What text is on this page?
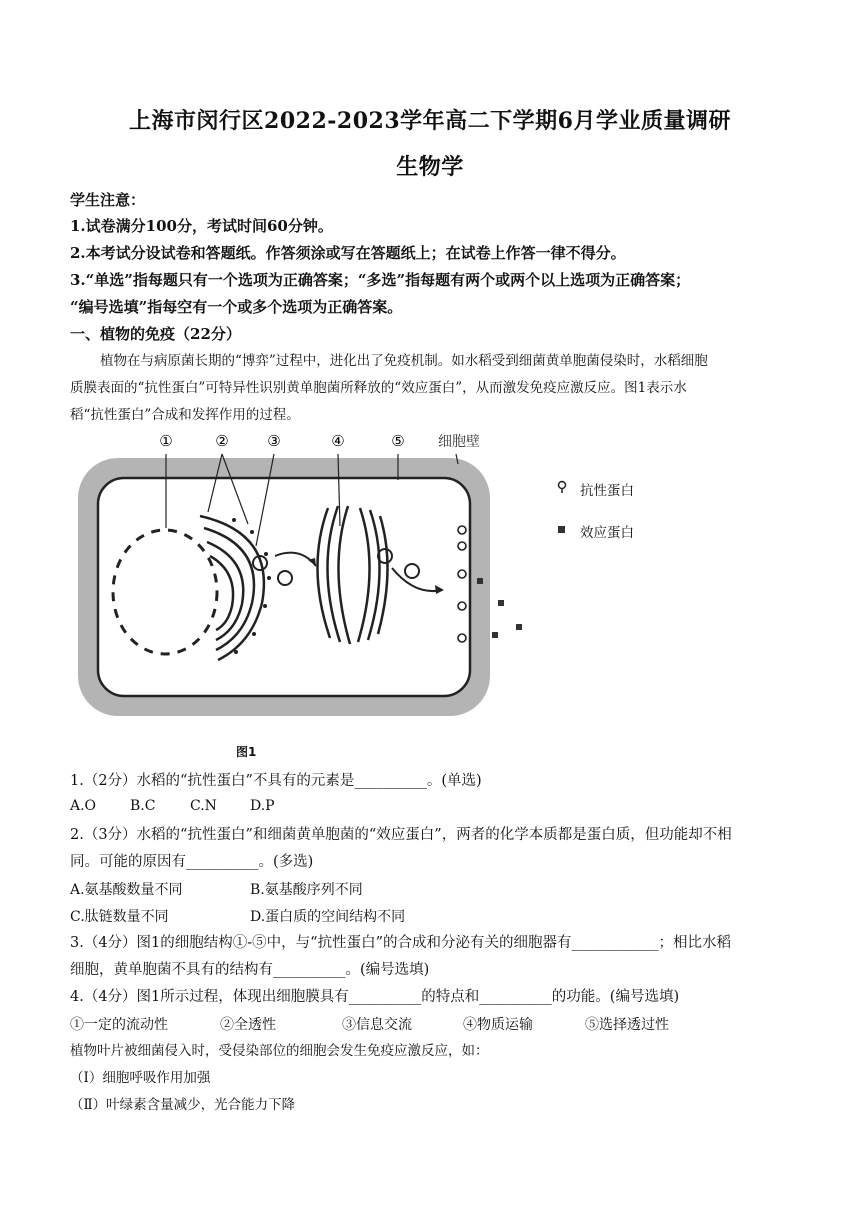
上海市闵行区2022-2023学年高二下学期6月学业质量调研
生物学
学生注意：
1.试卷满分100分，考试时间60分钟。
2.本考试分设试卷和答题纸。作答须涂或写在答题纸上；在试卷上作答一律不得分。
3.“单选”指每题只有一个选项为正确答案；“多选”指每题有两个或两个以上选项为正确答案；
“编号选填”指每空有一个或多个选项为正确答案。
一、植物的免疫（22分）
植物在与病原菌长期的“博弈”过程中，进化出了免疫机制。如水稻受到细菌黄单胞菌侵染时，水稻细胞
质膜表面的“抗性蛋白”可特异性识别黄单胞菌所释放的“效应蛋白”，从而激发免疫应激反应。图1表示水
稻“抗性蛋白”合成和发挥作用的过程。
①	②	③	④	⑤ 细胞壁
抗性蛋白
效应蛋白
图1
1.（2分）水稻的“抗性蛋白”不具有的元素是__________。(单选)
A.O B.C C.N D.P
2.（3分）水稻的“抗性蛋白”和细菌黄单胞菌的“效应蛋白”，两者的化学本质都是蛋白质，但功能却不相
同。可能的原因有__________。(多选)
A.氨基酸数量不同	B.氨基酸序列不同
C.肽链数量不同	D.蛋白质的空间结构不同
3.（4分）图1的细胞结构①-⑤中，与“抗性蛋白”的合成和分泌有关的细胞器有____________；相比水稻
细胞，黄单胞菌不具有的结构有__________。(编号选填)
4.（4分）图1所示过程，体现出细胞膜具有__________的特点和__________的功能。(编号选填)
①一定的流动性	②全透性	③信息交流	④物质运输	⑤选择透过性
植物叶片被细菌侵入时，受侵染部位的细胞会发生免疫应激反应，如：
（Ⅰ）细胞呼吸作用加强
（Ⅱ）叶绿素含量减少，光合能力下降
